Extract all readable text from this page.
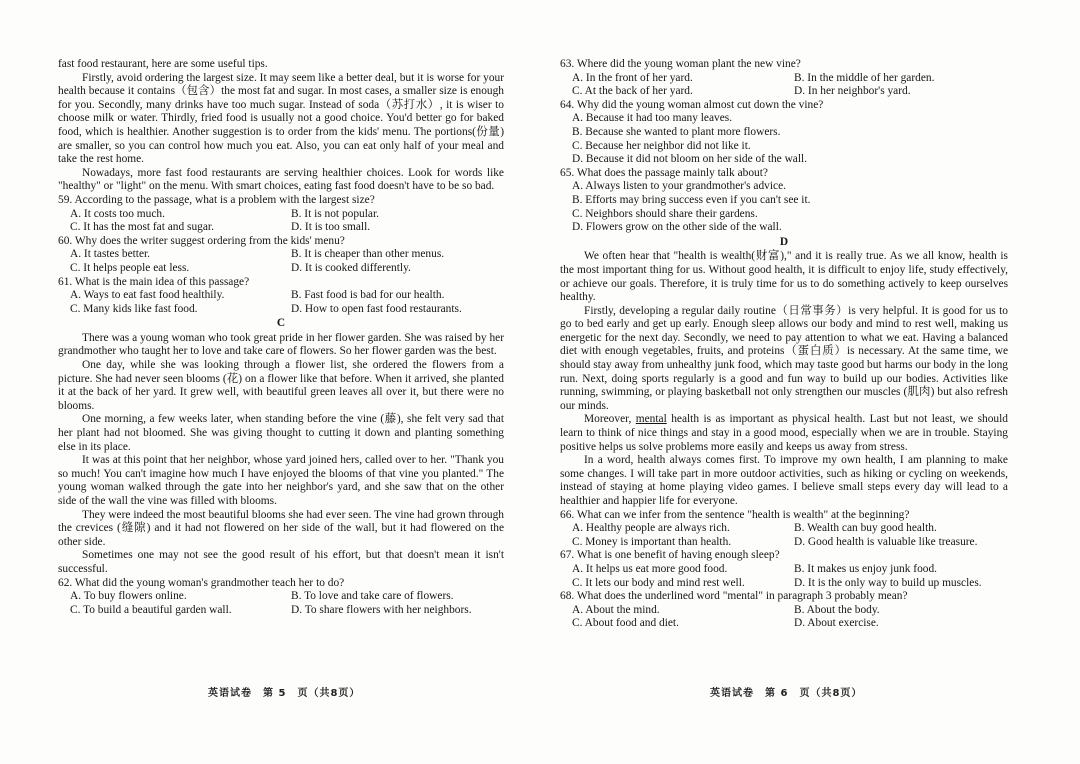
fast food restaurant, here are some useful tips.

Firstly, avoid ordering the largest size. It may seem like a better deal, but it is worse for your health because it contains（包含）the most fat and sugar. In most cases, a smaller size is enough for you. Secondly, many drinks have too much sugar. Instead of soda（苏打水）, it is wiser to choose milk or water. Thirdly, fried food is usually not a good choice. You'd better go for baked food, which is healthier. Another suggestion is to order from the kids' menu. The portions(份量) are smaller, so you can control how much you eat. Also, you can eat only half of your meal and take the rest home.

Nowadays, more fast food restaurants are serving healthier choices. Look for words like "healthy" or "light" on the menu. With smart choices, eating fast food doesn't have to be so bad.

59. According to the passage, what is a problem with the largest size?

A. It costs too much.	B. It is not popular.
C. It has the most fat and sugar.	D. It is too small.

60. Why does the writer suggest ordering from the kids' menu?

A. It tastes better.	B. It is cheaper than other menus.
C. It helps people eat less.	D. It is cooked differently.

61. What is the main idea of this passage?

A. Ways to eat fast food healthily.	B. Fast food is bad for our health.
C. Many kids like fast food.	D. How to open fast food restaurants.
C

There was a young woman who took great pride in her flower garden. She was raised by her grandmother who taught her to love and take care of flowers. So her flower garden was the best.

One day, while she was looking through a flower list, she ordered the flowers from a picture. She had never seen blooms (花) on a flower like that before. When it arrived, she planted it at the back of her yard. It grew well, with beautiful green leaves all over it, but there were no blooms.

One morning, a few weeks later, when standing before the vine (藤), she felt very sad that her plant had not bloomed. She was giving thought to cutting it down and planting something else in its place.

It was at this point that her neighbor, whose yard joined hers, called over to her. "Thank you so much! You can't imagine how much I have enjoyed the blooms of that vine you planted." The young woman walked through the gate into her neighbor's yard, and she saw that on the other side of the wall the vine was filled with blooms.

They were indeed the most beautiful blooms she had ever seen. The vine had grown through the crevices (缝隙) and it had not flowered on her side of the wall, but it had flowered on the other side.

Sometimes one may not see the good result of his effort, but that doesn't mean it isn't successful.

62. What did the young woman's grandmother teach her to do?

A. To buy flowers online.	B. To love and take care of flowers.
C. To build a beautiful garden wall.	D. To share flowers with her neighbors.
英语试卷　第 5　页（共8页）

63. Where did the young woman plant the new vine?

A. In the front of her yard.	B. In the middle of her garden.
C. At the back of her yard.	D. In her neighbor's yard.

64. Why did the young woman almost cut down the vine?

A. Because it had too many leaves.
B. Because she wanted to plant more flowers.
C. Because her neighbor did not like it.
D. Because it did not bloom on her side of the wall.

65. What does the passage mainly talk about?

A. Always listen to your grandmother's advice.
B. Efforts may bring success even if you can't see it.
C. Neighbors should share their gardens.
D. Flowers grow on the other side of the wall.
D

We often hear that "health is wealth(财富)," and it is really true. As we all know, health is the most important thing for us. Without good health, it is difficult to enjoy life, study effectively, or achieve our goals. Therefore, it is truly time for us to do something actively to keep ourselves healthy.

Firstly, developing a regular daily routine（日常事务）is very helpful. It is good for us to go to bed early and get up early. Enough sleep allows our body and mind to rest well, making us energetic for the next day. Secondly, we need to pay attention to what we eat. Having a balanced diet with enough vegetables, fruits, and proteins（蛋白质）is necessary. At the same time, we should stay away from unhealthy junk food, which may taste good but harms our body in the long run. Next, doing sports regularly is a good and fun way to build up our bodies. Activities like running, swimming, or playing basketball not only strengthen our muscles (肌肉) but also refresh our minds.

Moreover, mental health is as important as physical health. Last but not least, we should learn to think of nice things and stay in a good mood, especially when we are in trouble. Staying positive helps us solve problems more easily and keeps us away from stress.

In a word, health always comes first. To improve my own health, I am planning to make some changes. I will take part in more outdoor activities, such as hiking or cycling on weekends, instead of staying at home playing video games. I believe small steps every day will lead to a healthier and happier life for everyone.

66. What can we infer from the sentence "health is wealth" at the beginning?

A. Healthy people are always rich.	B. Wealth can buy good health.
C. Money is important than health.	D. Good health is valuable like treasure.

67. What is one benefit of having enough sleep?

A. It helps us eat more good food.	B. It makes us enjoy junk food.
C. It lets our body and mind rest well.	D. It is the only way to build up muscles.

68. What does the underlined word "mental" in paragraph 3 probably mean?

A. About the mind.	B. About the body.
C. About food and diet.	D. About exercise.
英语试卷　第 6　页（共8页）
